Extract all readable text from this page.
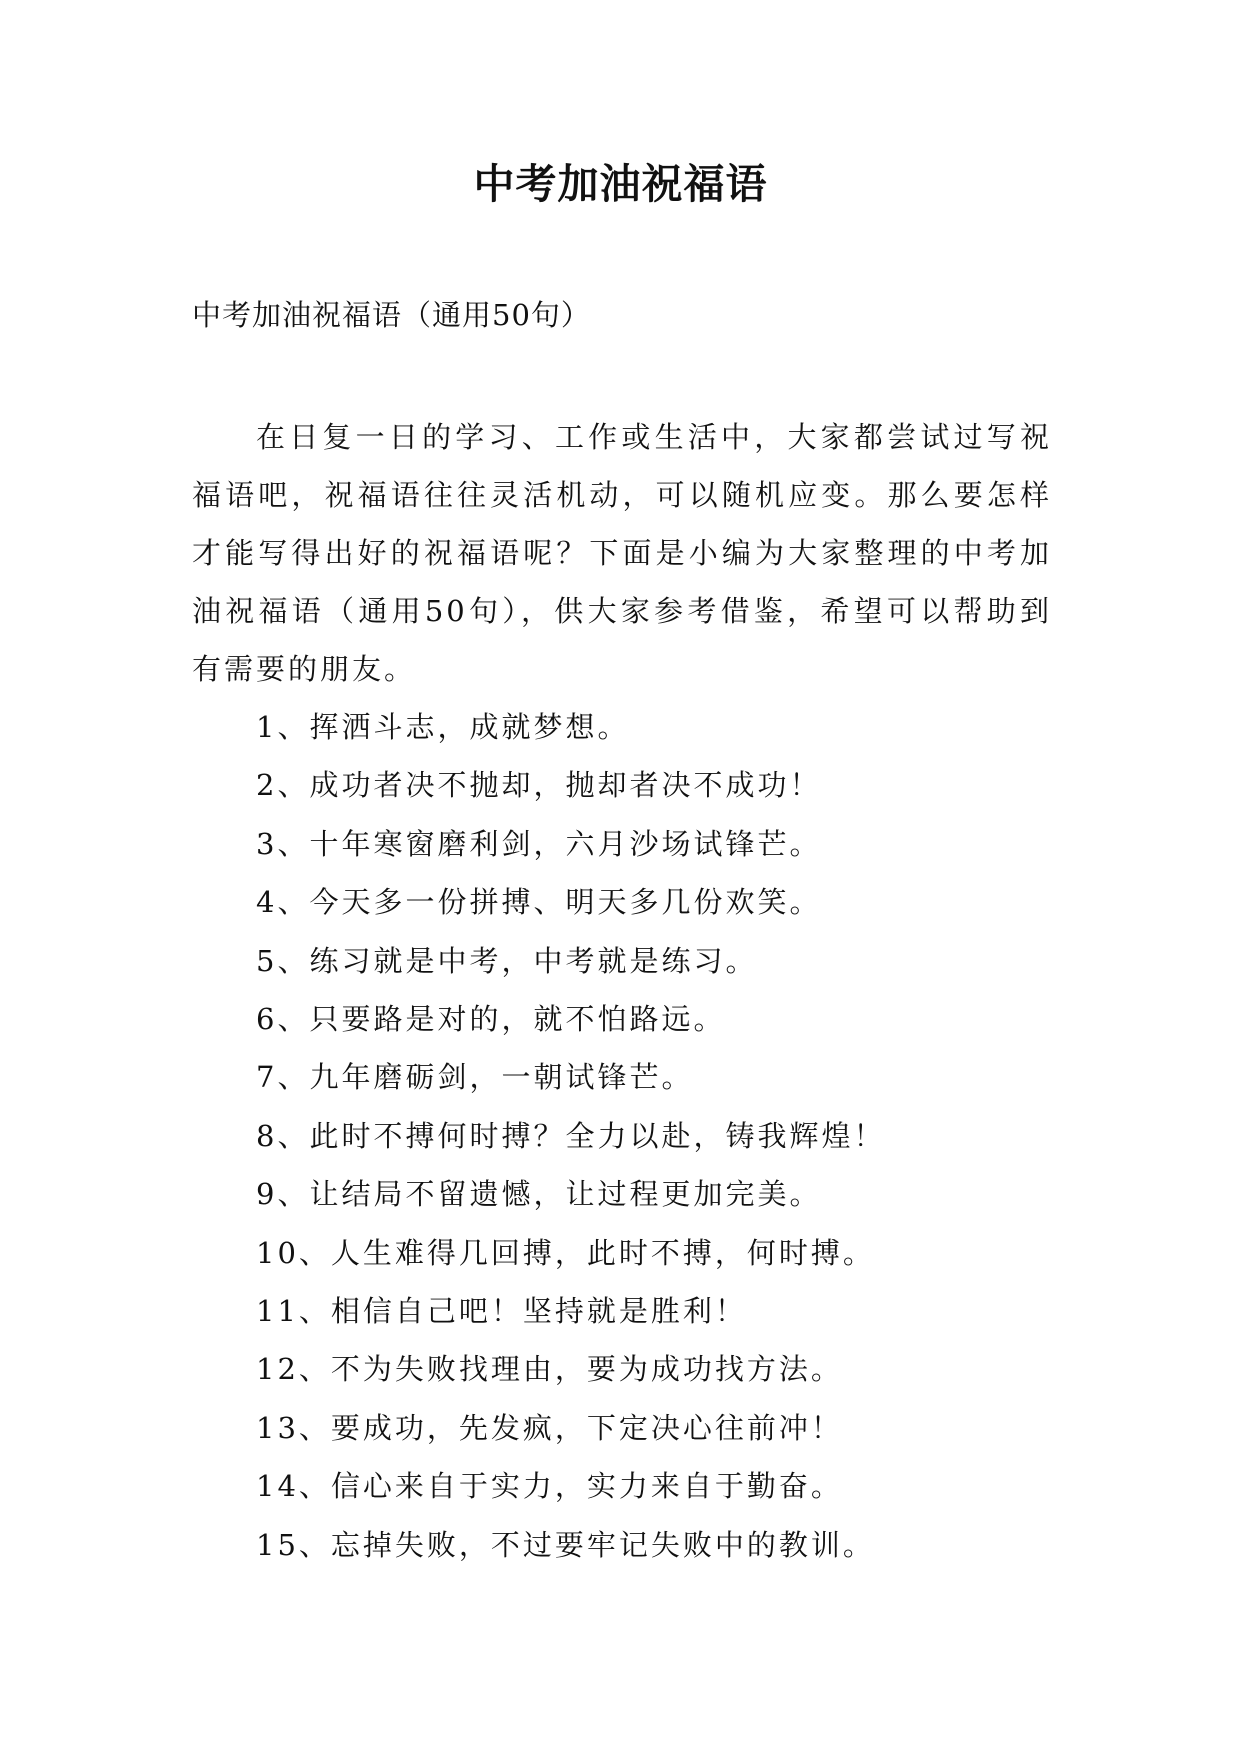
中考加油祝福语
中考加油祝福语（通用50句）

在日复一日的学习、工作或生活中，大家都尝试过写祝福语吧，祝福语往往灵活机动，可以随机应变。那么要怎样才能写得出好的祝福语呢？下面是小编为大家整理的中考加油祝福语（通用50句），供大家参考借鉴，希望可以帮助到有需要的朋友。

1、挥洒斗志，成就梦想。
2、成功者决不抛却，抛却者决不成功！
3、十年寒窗磨利剑，六月沙场试锋芒。
4、今天多一份拼搏、明天多几份欢笑。
5、练习就是中考，中考就是练习。
6、只要路是对的，就不怕路远。
7、九年磨砺剑，一朝试锋芒。
8、此时不搏何时搏？全力以赴，铸我辉煌！
9、让结局不留遗憾，让过程更加完美。
10、人生难得几回搏，此时不搏，何时搏。
11、相信自己吧！坚持就是胜利！
12、不为失败找理由，要为成功找方法。
13、要成功，先发疯，下定决心往前冲！
14、信心来自于实力，实力来自于勤奋。
15、忘掉失败，不过要牢记失败中的教训。
